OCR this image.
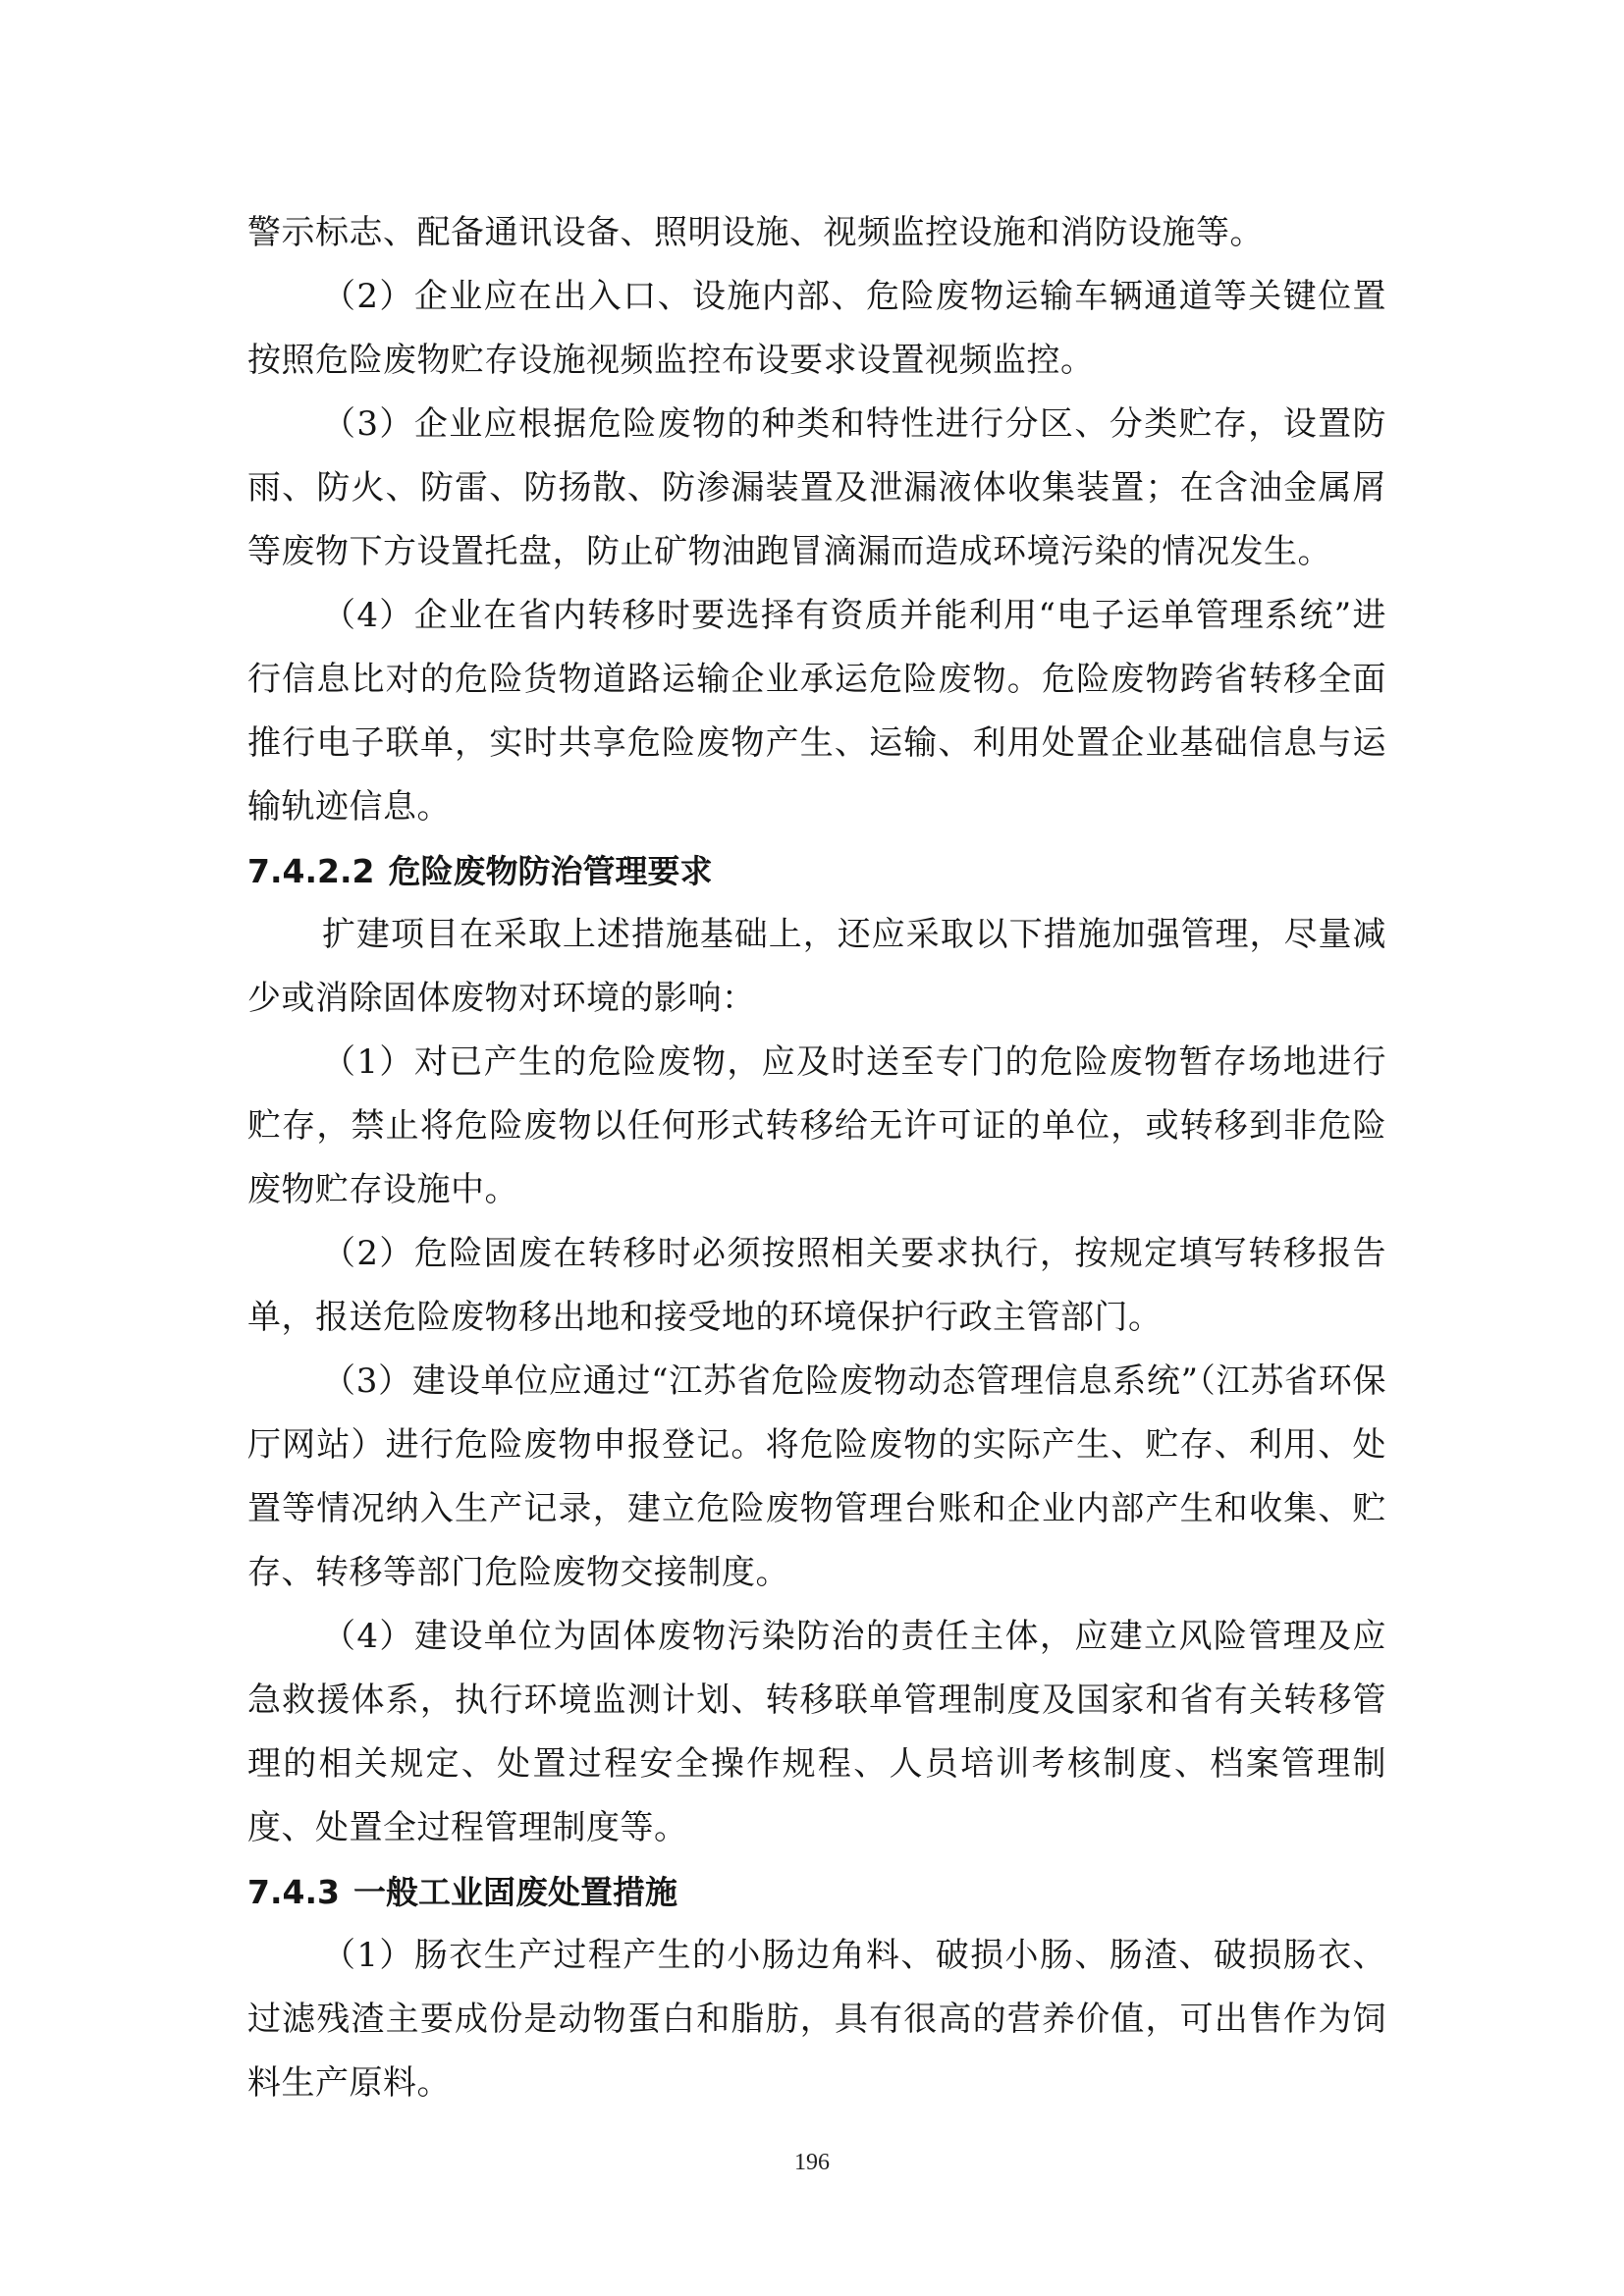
警示标志、配备通讯设备、照明设施、视频监控设施和消防设施等。

（2）企业应在出入口、设施内部、危险废物运输车辆通道等关键位置按照危险废物贮存设施视频监控布设要求设置视频监控。

（3）企业应根据危险废物的种类和特性进行分区、分类贮存，设置防雨、防火、防雷、防扬散、防渗漏装置及泄漏液体收集装置；在含油金属屑等废物下方设置托盘，防止矿物油跑冒滴漏而造成环境污染的情况发生。

（4）企业在省内转移时要选择有资质并能利用“电子运单管理系统”进行信息比对的危险货物道路运输企业承运危险废物。危险废物跨省转移全面推行电子联单，实时共享危险废物产生、运输、利用处置企业基础信息与运输轨迹信息。

7.4.2.2 危险废物防治管理要求

扩建项目在采取上述措施基础上，还应采取以下措施加强管理，尽量减少或消除固体废物对环境的影响：

（1）对已产生的危险废物，应及时送至专门的危险废物暂存场地进行贮存，禁止将危险废物以任何形式转移给无许可证的单位，或转移到非危险废物贮存设施中。

（2）危险固废在转移时必须按照相关要求执行，按规定填写转移报告单，报送危险废物移出地和接受地的环境保护行政主管部门。

（3）建设单位应通过“江苏省危险废物动态管理信息系统”（江苏省环保厅网站）进行危险废物申报登记。将危险废物的实际产生、贮存、利用、处置等情况纳入生产记录，建立危险废物管理台账和企业内部产生和收集、贮存、转移等部门危险废物交接制度。

（4）建设单位为固体废物污染防治的责任主体，应建立风险管理及应急救援体系，执行环境监测计划、转移联单管理制度及国家和省有关转移管理的相关规定、处置过程安全操作规程、人员培训考核制度、档案管理制度、处置全过程管理制度等。

7.4.3 一般工业固废处置措施

（1）肠衣生产过程产生的小肠边角料、破损小肠、肠渣、破损肠衣、过滤残渣主要成份是动物蛋白和脂肪，具有很高的营养价值，可出售作为饲料生产原料。

196
